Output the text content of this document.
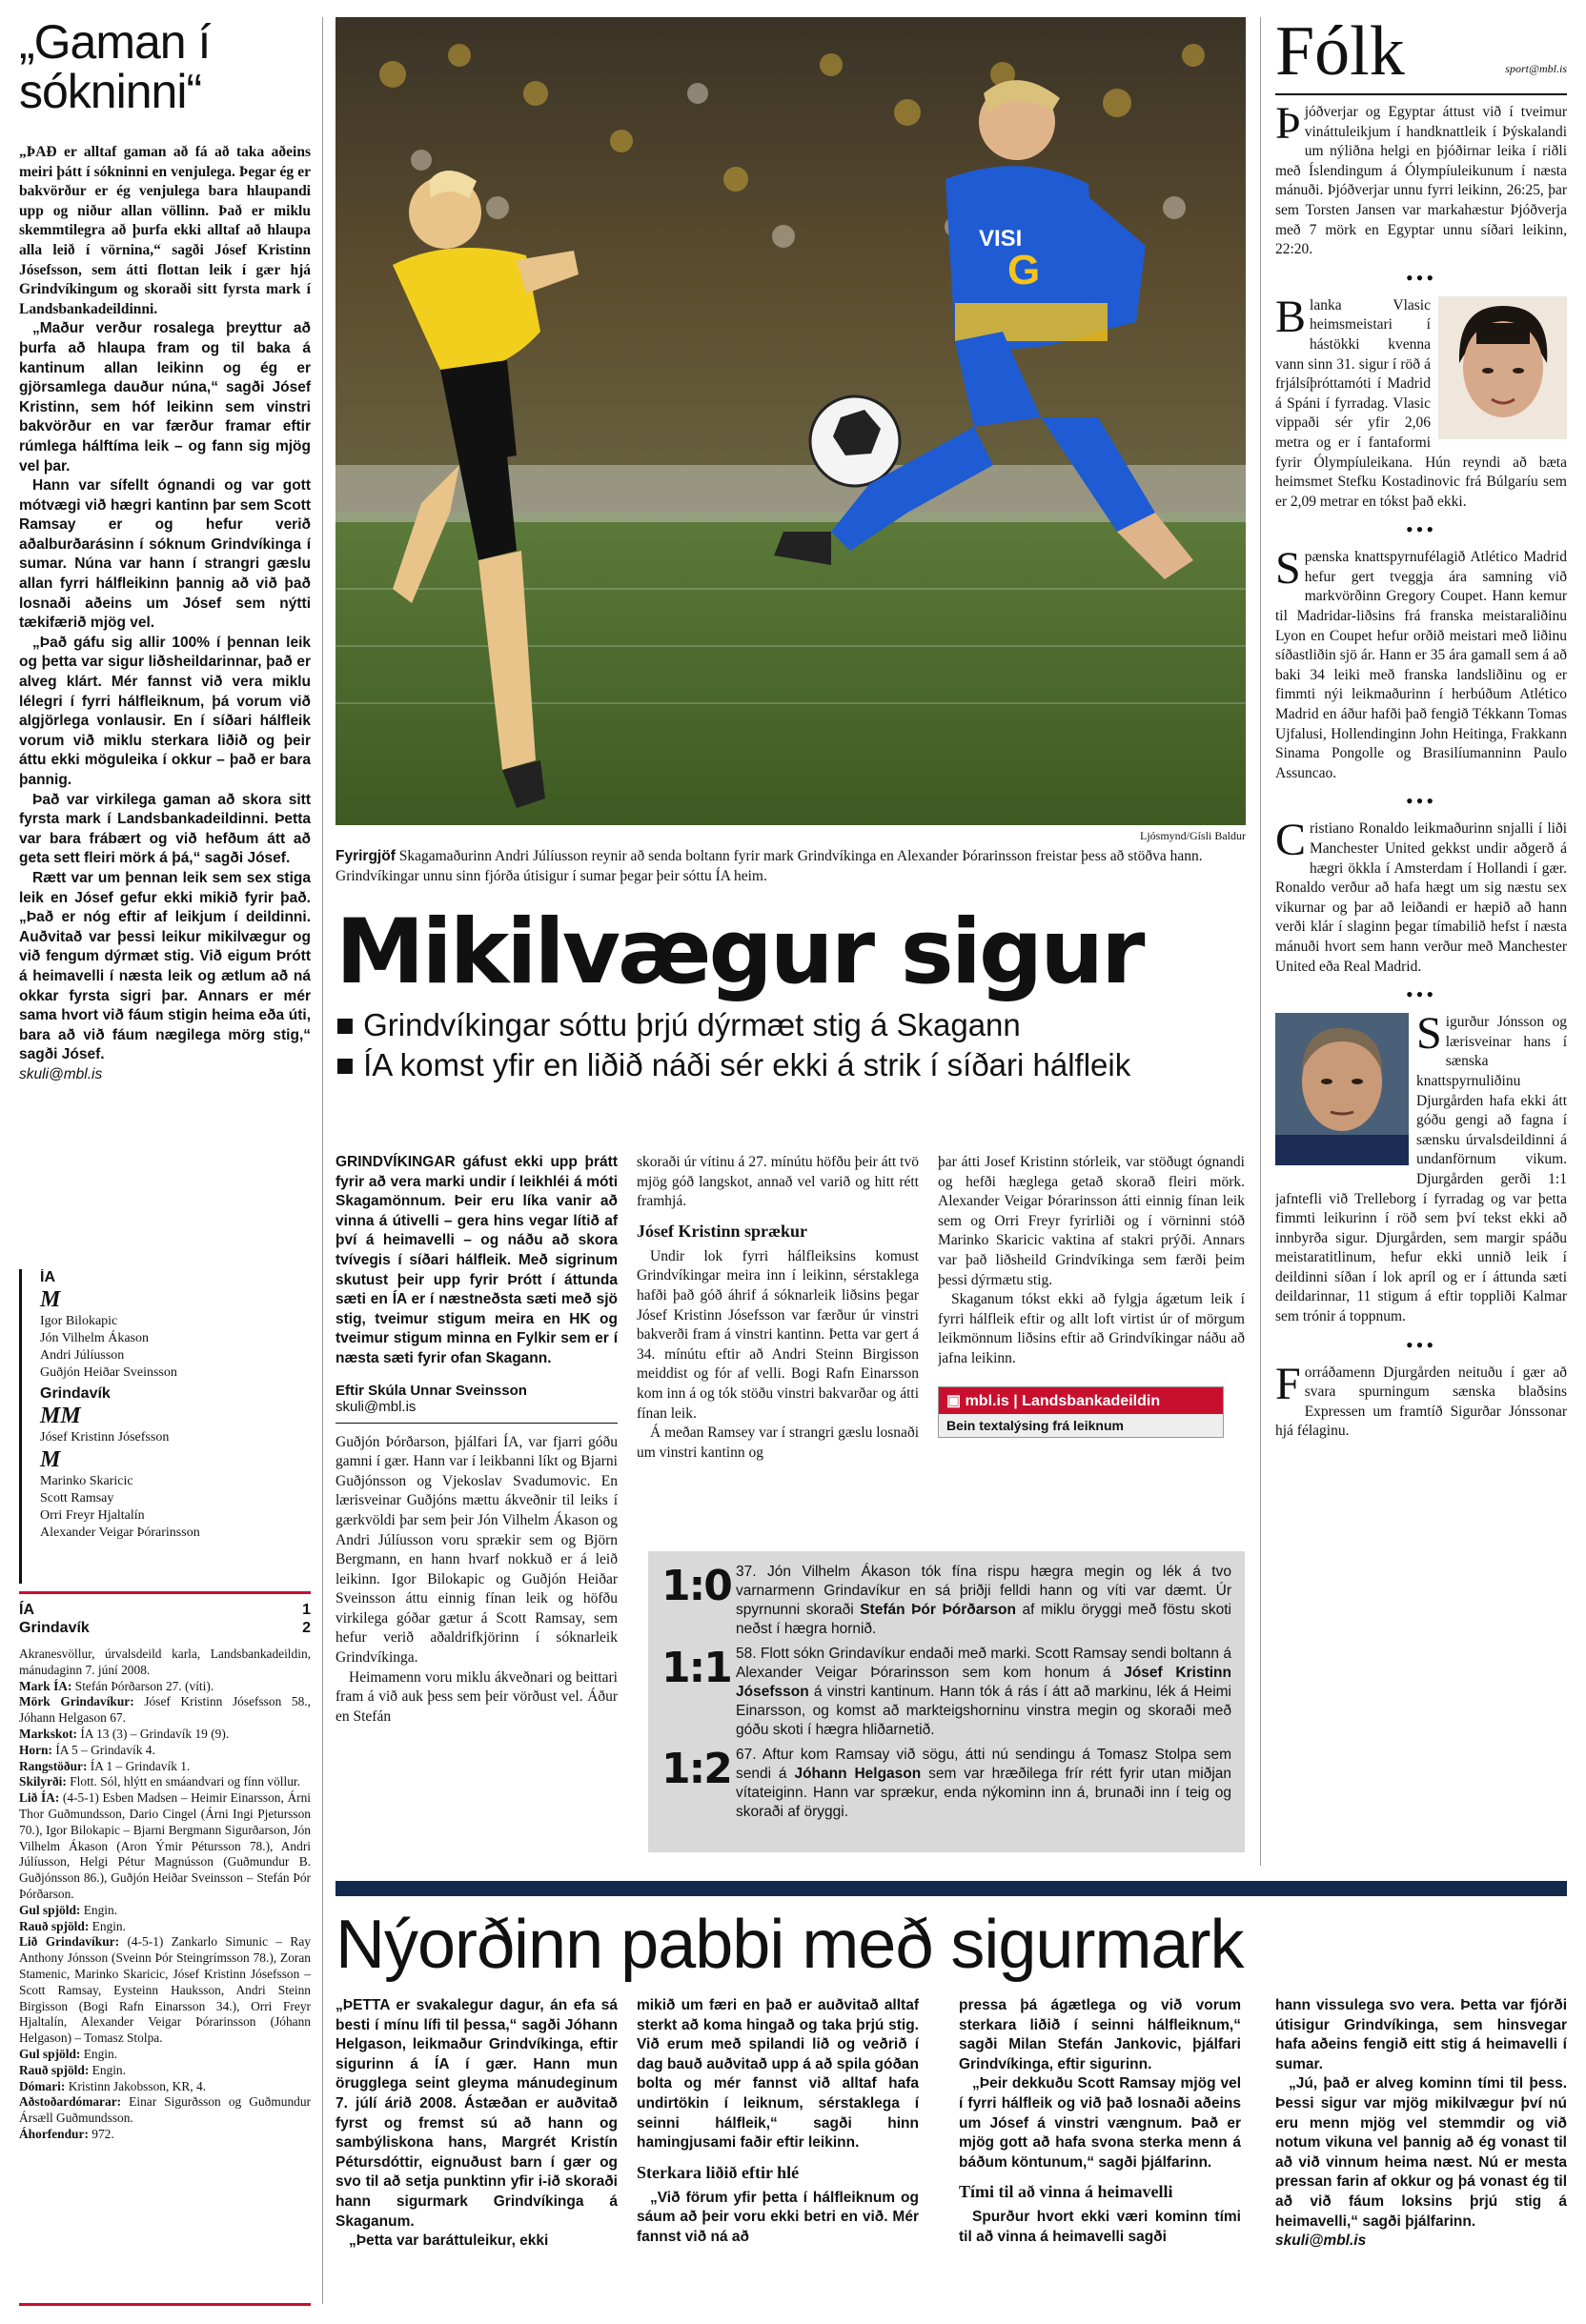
„Gaman í sókninni“

„ÞAÐ er alltaf gaman að fá að taka aðeins meiri þátt í sókninni en venjulega. Þegar ég er bakvörður er ég venjulega bara hlaupandi upp og niður allan völlinn. Það er miklu skemmtilegra að þurfa ekki alltaf að hlaupa alla leið í vörnina,“ sagði Jósef Kristinn Jósefsson, sem átti flottan leik í gær hjá Grindvíkingum og skoraði sitt fyrsta mark í Landsbankadeildinni.

„Maður verður rosalega þreyttur að þurfa að hlaupa fram og til baka á kantinum allan leikinn og ég er gjörsamlega dauður núna,“ sagði Jósef Kristinn, sem hóf leikinn sem vinstri bakvörður en var færður framar eftir rúmlega hálftíma leik – og fann sig mjög vel þar.

Hann var sífellt ógnandi og var gott mótvægi við hægri kantinn þar sem Scott Ramsay er og hefur verið aðalburðarásinn í sóknum Grindvíkinga í sumar. Núna var hann í strangri gæslu allan fyrri hálfleikinn þannig að við það losnaði aðeins um Jósef sem nýtti tækifærið mjög vel.

„Það gáfu sig allir 100% í þennan leik og þetta var sigur liðsheildarinnar, það er alveg klárt. Mér fannst við vera miklu lélegri í fyrri hálfleiknum, þá vorum við algjörlega vonlausir. En í síðari hálfleik vorum við miklu sterkara liðið og þeir áttu ekki möguleika í okkur – það er bara þannig.

Það var virkilega gaman að skora sitt fyrsta mark í Landsbankadeildinni. Þetta var bara frábært og við hefðum átt að geta sett fleiri mörk á þá,“ sagði Jósef.

Rætt var um þennan leik sem sex stiga leik en Jósef gefur ekki mikið fyrir það. „Það er nóg eftir af leikjum í deildinni. Auðvitað var þessi leikur mikilvægur og við fengum dýrmæt stig. Við eigum Þrótt á heimavelli í næsta leik og ætlum að ná okkar fyrsta sigri þar. Annars er mér sama hvort við fáum stigin heima eða úti, bara að við fáum nægilega mörg stig,“ sagði Jósef.

skuli@mbl.is

ÍA
M
Igor Bilokapic
Jón Vilhelm Ákason
Andri Júlíusson
Guðjón Heiðar Sveinsson
Grindavík
MM
Jósef Kristinn Jósefsson
M
Marinko Skaricic
Scott Ramsay
Orri Freyr Hjaltalín
Alexander Veigar Þórarinsson
ÍA	1
Grindavík	2
Akranesvöllur, úrvalsdeild karla, Landsbankadeildin, mánudaginn 7. júní 2008.
Mark ÍA: Stefán Þórðarson 27. (víti).
Mörk Grindavíkur: Jósef Kristinn Jósefsson 58., Jóhann Helgason 67.
Markskot: ÍA 13 (3) – Grindavík 19 (9).
Horn: ÍA 5 – Grindavík 4.
Rangstöður: ÍA 1 – Grindavík 1.
Skilyrði: Flott. Sól, hlýtt en smáandvari og fínn völlur.
Lið ÍA: (4-5-1) Esben Madsen – Heimir Einarsson, Árni Thor Guðmundsson, Dario Cingel (Árni Ingi Pjetursson 70.), Igor Bilokapic – Bjarni Bergmann Sigurðarson, Jón Vilhelm Ákason (Aron Ýmir Pétursson 78.), Andri Júlíusson, Helgi Pétur Magnússon (Guðmundur B. Guðjónsson 86.), Guðjón Heiðar Sveinsson – Stefán Þór Þórðarson.
Gul spjöld: Engin.
Rauð spjöld: Engin.
Lið Grindavíkur: (4-5-1) Zankarlo Simunic – Ray Anthony Jónsson (Sveinn Þór Steingrímsson 78.), Zoran Stamenic, Marinko Skaricic, Jósef Kristinn Jósefsson – Scott Ramsay, Eysteinn Hauksson, Andri Steinn Birgisson (Bogi Rafn Einarsson 34.), Orri Freyr Hjaltalín, Alexander Veigar Þórarinsson (Jóhann Helgason) – Tomasz Stolpa.
Gul spjöld: Engin.
Rauð spjöld: Engin.
Dómari: Kristinn Jakobsson, KR, 4.
Aðstoðardómarar: Einar Sigurðsson og Guðmundur Ársæll Guðmundsson.
Áhorfendur: 972.
G
VISI
Ljósmynd/Gísli Baldur
Fyrirgjöf Skagamaðurinn Andri Júlíusson reynir að senda boltann fyrir mark Grindvíkinga en Alexander Þórarinsson freistar þess að stöðva hann. Grindvíkingar unnu sinn fjórða útisigur í sumar þegar þeir sóttu ÍA heim.
Mikilvægur sigur
■ Grindvíkingar sóttu þrjú dýrmæt stig á Skagann
■ ÍA komst yfir en liðið náði sér ekki á strik í síðari hálfleik

GRINDVÍKINGAR gáfust ekki upp þrátt fyrir að vera marki undir í leikhléi á móti Skagamönnum. Þeir eru líka vanir að vinna á útivelli – gera hins vegar lítið af því á heimavelli – og náðu að skora tvívegis í síðari hálfleik. Með sigrinum skutust þeir upp fyrir Þrótt í áttunda sæti en ÍA er í næstneðsta sæti með sjö stig, tveimur stigum meira en HK og tveimur stigum minna en Fylkir sem er í næsta sæti fyrir ofan Skagann.

Eftir Skúla Unnar Sveinsson
skuli@mbl.is

Guðjón Þórðarson, þjálfari ÍA, var fjarri góðu gamni í gær. Hann var í leikbanni líkt og Bjarni Guðjónsson og Vjekoslav Svadumovic. En lærisveinar Guðjóns mættu ákveðnir til leiks í gærkvöldi þar sem þeir Jón Vilhelm Ákason og Andri Júlíusson voru sprækir sem og Björn Bergmann, en hann hvarf nokkuð er á leið leikinn. Igor Bilokapic og Guðjón Heiðar Sveinsson áttu einnig fínan leik og höfðu virkilega góðar gætur á Scott Ramsay, sem hefur verið aðaldrifkjörinn í sóknarleik Grindvíkinga.

Heimamenn voru miklu ákveðnari og beittari fram á við auk þess sem þeir vörðust vel. Áður en Stefán

skoraði úr vítinu á 27. mínútu höfðu þeir átt tvö mjög góð langskot, annað vel varið og hitt rétt framhjá.

Jósef Kristinn sprækur

Undir lok fyrri hálfleiksins komust Grindvíkingar meira inn í leikinn, sérstaklega hafði það góð áhrif á sóknarleik liðsins þegar Jósef Kristinn Jósefsson var færður úr vinstri bakverði fram á vinstri kantinn. Þetta var gert á 34. mínútu eftir að Andri Steinn Birgisson meiddist og fór af velli. Bogi Rafn Einarsson kom inn á og tók stöðu vinstri bakvarðar og átti fínan leik.

Á meðan Ramsey var í strangri gæslu losnaði um vinstri kantinn og

þar átti Josef Kristinn stórleik, var stöðugt ógnandi og hefði hæglega getað skorað fleiri mörk. Alexander Veigar Þórarinsson átti einnig fínan leik sem og Orri Freyr fyrirliði og í vörninni stóð Marinko Skaricic vaktina af stakri prýði. Annars var það liðsheild Grindvíkinga sem færði þeim þessi dýrmætu stig.

Skaganum tókst ekki að fylgja ágætum leik í fyrri hálfleik eftir og allt loft virtist úr of mörgum leikmönnum liðsins eftir að Grindvíkingar náðu að jafna leikinn.

▣ mbl.is | Landsbankadeildin
Bein textalýsing frá leiknum
1:0 37. Jón Vilhelm Ákason tók fína rispu hægra megin og lék á tvo varnarmenn Grindavíkur en sá þriðji felldi hann og víti var dæmt. Úr spyrnunni skoraði Stefán Þór Þórðarson af miklu öryggi með föstu skoti neðst í hægra hornið.
1:1 58. Flott sókn Grindavíkur endaði með marki. Scott Ramsay sendi boltann á Alexander Veigar Þórarinsson sem kom honum á Jósef Kristinn Jósefsson á vinstri kantinum. Hann tók á rás í átt að markinu, lék á Heimi Einarsson, og komst að markteigshorninu vinstra megin og skoraði með góðu skoti í hægra hliðarnetið.
1:2 67. Aftur kom Ramsay við sögu, átti nú sendingu á Tomasz Stolpa sem sendi á Jóhann Helgason sem var hræðilega frír rétt fyrir utan miðjan vítateiginn. Hann var sprækur, enda nýkominn inn á, brunaði inn í teig og skoraði af öryggi.
Fólk	sport@mbl.is
Þjóðverjar og Egyptar áttust við í tveimur vináttuleikjum í handknattleik í Þýskalandi um nýliðna helgi en þjóðirnar leika í riðli með Íslendingum á Ólympíuleikunum í næsta mánuði. Þjóðverjar unnu fyrri leikinn, 26:25, þar sem Torsten Jansen var markahæstur Þjóðverja með 7 mörk en Egyptar unnu síðari leikinn, 22:20.
•••
Blanka Vlasic heimsmeistari í hástökki kvenna vann sinn 31. sigur í röð á frjálsíþróttamóti í Madrid á Spáni í fyrradag. Vlasic vippaði sér yfir 2,06 metra og er í fantaformi fyrir Ólympíuleikana. Hún reyndi að bæta heimsmet Stefku Kostadinovic frá Búlgaríu sem er 2,09 metrar en tókst það ekki.
•••
Spænska knattspyrnufélagið Atlético Madrid hefur gert tveggja ára samning við markvörðinn Gregory Coupet. Hann kemur til Madridar-liðsins frá franska meistaraliðinu Lyon en Coupet hefur orðið meistari með liðinu síðastliðin sjö ár. Hann er 35 ára gamall sem á að baki 34 leiki með franska landsliðinu og er fimmti nýi leikmaðurinn í herbúðum Atlético Madrid en áður hafði það fengið Tékkann Tomas Ujfalusi, Hollendinginn John Heitinga, Frakkann Sinama Pongolle og Brasilíumanninn Paulo Assuncao.
•••
Cristiano Ronaldo leikmaðurinn snjalli í liði Manchester United gekkst undir aðgerð á hægri ökkla í Amsterdam í Hollandi í gær. Ronaldo verður að hafa hægt um sig næstu sex vikurnar og þar að leiðandi er hæpið að hann verði klár í slaginn þegar tímabilið hefst í næsta mánuði hvort sem hann verður með Manchester United eða Real Madrid.
•••
Sigurður Jónsson og lærisveinar hans í sænska knattspyrnuliðinu Djurgården hafa ekki átt góðu gengi að fagna í sænsku úrvalsdeildinni á undanförnum vikum. Djurgården gerði 1:1 jafntefli við Trelleborg í fyrradag og var þetta fimmti leikurinn í röð sem því tekst ekki að innbyrða sigur. Djurgården, sem margir spáðu meistaratitlinum, hefur ekki unnið leik í deildinni síðan í lok apríl og er í áttunda sæti deildarinnar, 11 stigum á eftir toppliði Kalmar sem trónir á toppnum.
•••
Forráðamenn Djurgården neituðu í gær að svara spurningum sænska blaðsins Expressen um framtíð Sigurðar Jónssonar hjá félaginu.
Nýorðinn pabbi með sigurmark

„ÞETTA er svakalegur dagur, án efa sá besti í mínu lífi til þessa,“ sagði Jóhann Helgason, leikmaður Grindvíkinga, eftir sigurinn á ÍA í gær. Hann mun örugglega seint gleyma mánudeginum 7. júlí árið 2008. Ástæðan er auðvitað fyrst og fremst sú að hann og sambýliskona hans, Margrét Kristín Pétursdóttir, eignuðust barn í gær og svo til að setja punktinn yfir i-ið skoraði hann sigurmark Grindvíkinga á Skaganum.

„Þetta var baráttuleikur, ekki

mikið um færi en það er auðvitað alltaf sterkt að koma hingað og taka þrjú stig. Við erum með spilandi lið og veðrið í dag bauð auðvitað upp á að spila góðan bolta og mér fannst við alltaf hafa undirtökin í leiknum, sérstaklega í seinni hálfleik,“ sagði hinn hamingjusami faðir eftir leikinn.

Sterkara liðið eftir hlé

„Við förum yfir þetta í hálfleiknum og sáum að þeir voru ekki betri en við. Mér fannst við ná að

pressa þá ágætlega og við vorum sterkara liðið í seinni hálfleiknum,“ sagði Milan Stefán Jankovic, þjálfari Grindvíkinga, eftir sigurinn.

„Þeir dekkuðu Scott Ramsay mjög vel í fyrri hálfleik og við það losnaði aðeins um Jósef á vinstri vængnum. Það er mjög gott að hafa svona sterka menn á báðum köntunum,“ sagði þjálfarinn.

Tími til að vinna á heimavelli

Spurður hvort ekki væri kominn tími til að vinna á heimavelli sagði

hann vissulega svo vera. Þetta var fjórði útisigur Grindvíkinga, sem hinsvegar hafa aðeins fengið eitt stig á heimavelli í sumar.

„Jú, það er alveg kominn tími til þess. Þessi sigur var mjög mikilvægur því nú eru menn mjög vel stemmdir og við notum vikuna vel þannig að ég vonast til að við vinnum heima næst. Nú er mesta pressan farin af okkur og þá vonast ég til að við fáum loksins þrjú stig á heimavelli,“ sagði þjálfarinn.

skuli@mbl.is
